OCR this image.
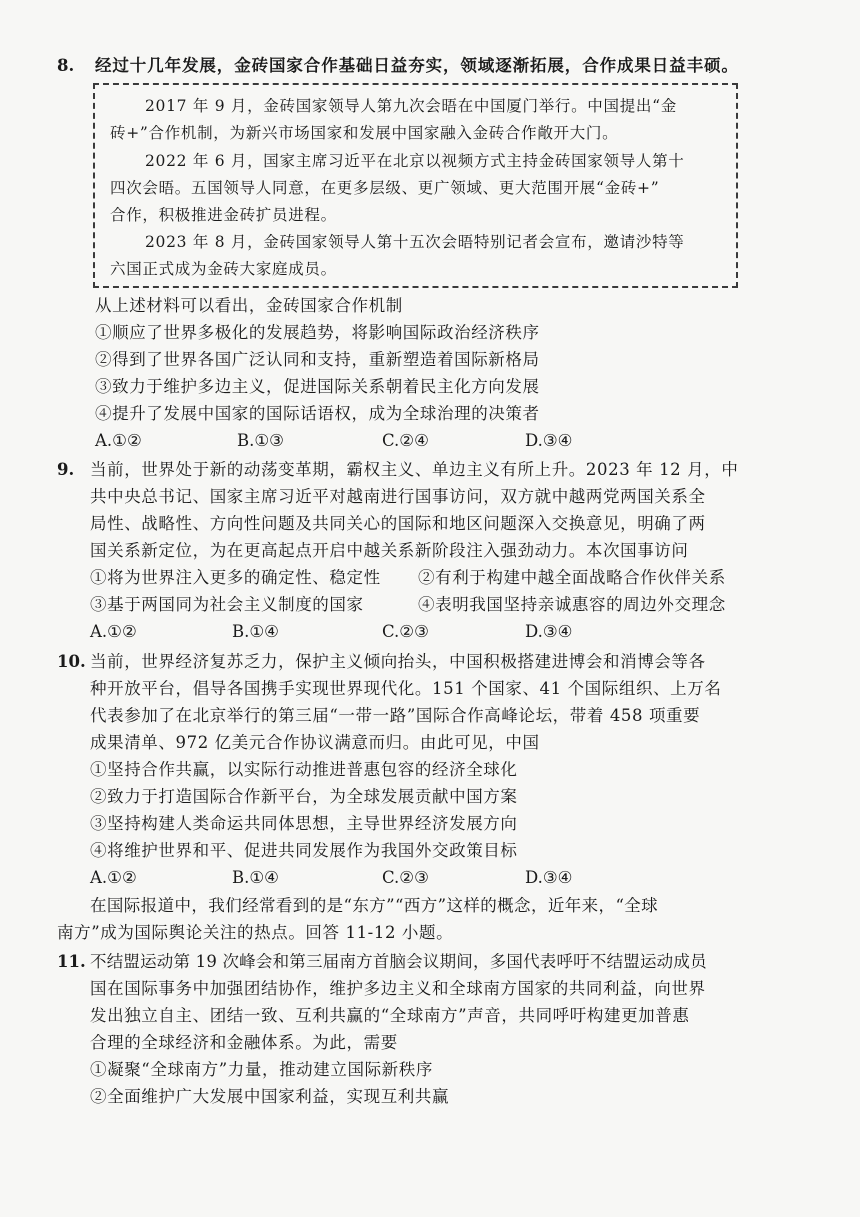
8. 经过十几年发展，金砖国家合作基础日益夯实，领域逐渐拓展，合作成果日益丰硕。
2017 年 9 月，金砖国家领导人第九次会晤在中国厦门举行。中国提出“金
砖+”合作机制，为新兴市场国家和发展中国家融入金砖合作敞开大门。
2022 年 6 月，国家主席习近平在北京以视频方式主持金砖国家领导人第十
四次会晤。五国领导人同意，在更多层级、更广领域、更大范围开展“金砖+”
合作，积极推进金砖扩员进程。
2023 年 8 月，金砖国家领导人第十五次会晤特别记者会宣布，邀请沙特等
六国正式成为金砖大家庭成员。
从上述材料可以看出，金砖国家合作机制
①顺应了世界多极化的发展趋势，将影响国际政治经济秩序
②得到了世界各国广泛认同和支持，重新塑造着国际新格局
③致力于维护多边主义，促进国际关系朝着民主化方向发展
④提升了发展中国家的国际话语权，成为全球治理的决策者
A.①②	B.①③	C.②④	D.③④
9. 当前，世界处于新的动荡变革期，霸权主义、单边主义有所上升。2023 年 12 月，中
共中央总书记、国家主席习近平对越南进行国事访问，双方就中越两党两国关系全
局性、战略性、方向性问题及共同关心的国际和地区问题深入交换意见，明确了两
国关系新定位，为在更高起点开启中越关系新阶段注入强劲动力。本次国事访问
①将为世界注入更多的确定性、稳定性 ②有利于构建中越全面战略合作伙伴关系
③基于两国同为社会主义制度的国家	④表明我国坚持亲诚惠容的周边外交理念
A.①②	B.①④	C.②③	D.③④
10. 当前，世界经济复苏乏力，保护主义倾向抬头，中国积极搭建进博会和消博会等各
种开放平台，倡导各国携手实现世界现代化。151 个国家、41 个国际组织、上万名
代表参加了在北京举行的第三届“一带一路”国际合作高峰论坛，带着 458 项重要
成果清单、972 亿美元合作协议满意而归。由此可见，中国
①坚持合作共赢，以实际行动推进普惠包容的经济全球化
②致力于打造国际合作新平台，为全球发展贡献中国方案
③坚持构建人类命运共同体思想，主导世界经济发展方向
④将维护世界和平、促进共同发展作为我国外交政策目标
A.①②	B.①④	C.②③	D.③④
在国际报道中，我们经常看到的是“东方”“西方”这样的概念，近年来，“全球
南方”成为国际舆论关注的热点。回答 11-12 小题。
11. 不结盟运动第 19 次峰会和第三届南方首脑会议期间，多国代表呼吁不结盟运动成员
国在国际事务中加强团结协作，维护多边主义和全球南方国家的共同利益，向世界
发出独立自主、团结一致、互利共赢的“全球南方”声音，共同呼吁构建更加普惠
合理的全球经济和金融体系。为此，需要
①凝聚“全球南方”力量，推动建立国际新秩序
②全面维护广大发展中国家利益，实现互利共赢
